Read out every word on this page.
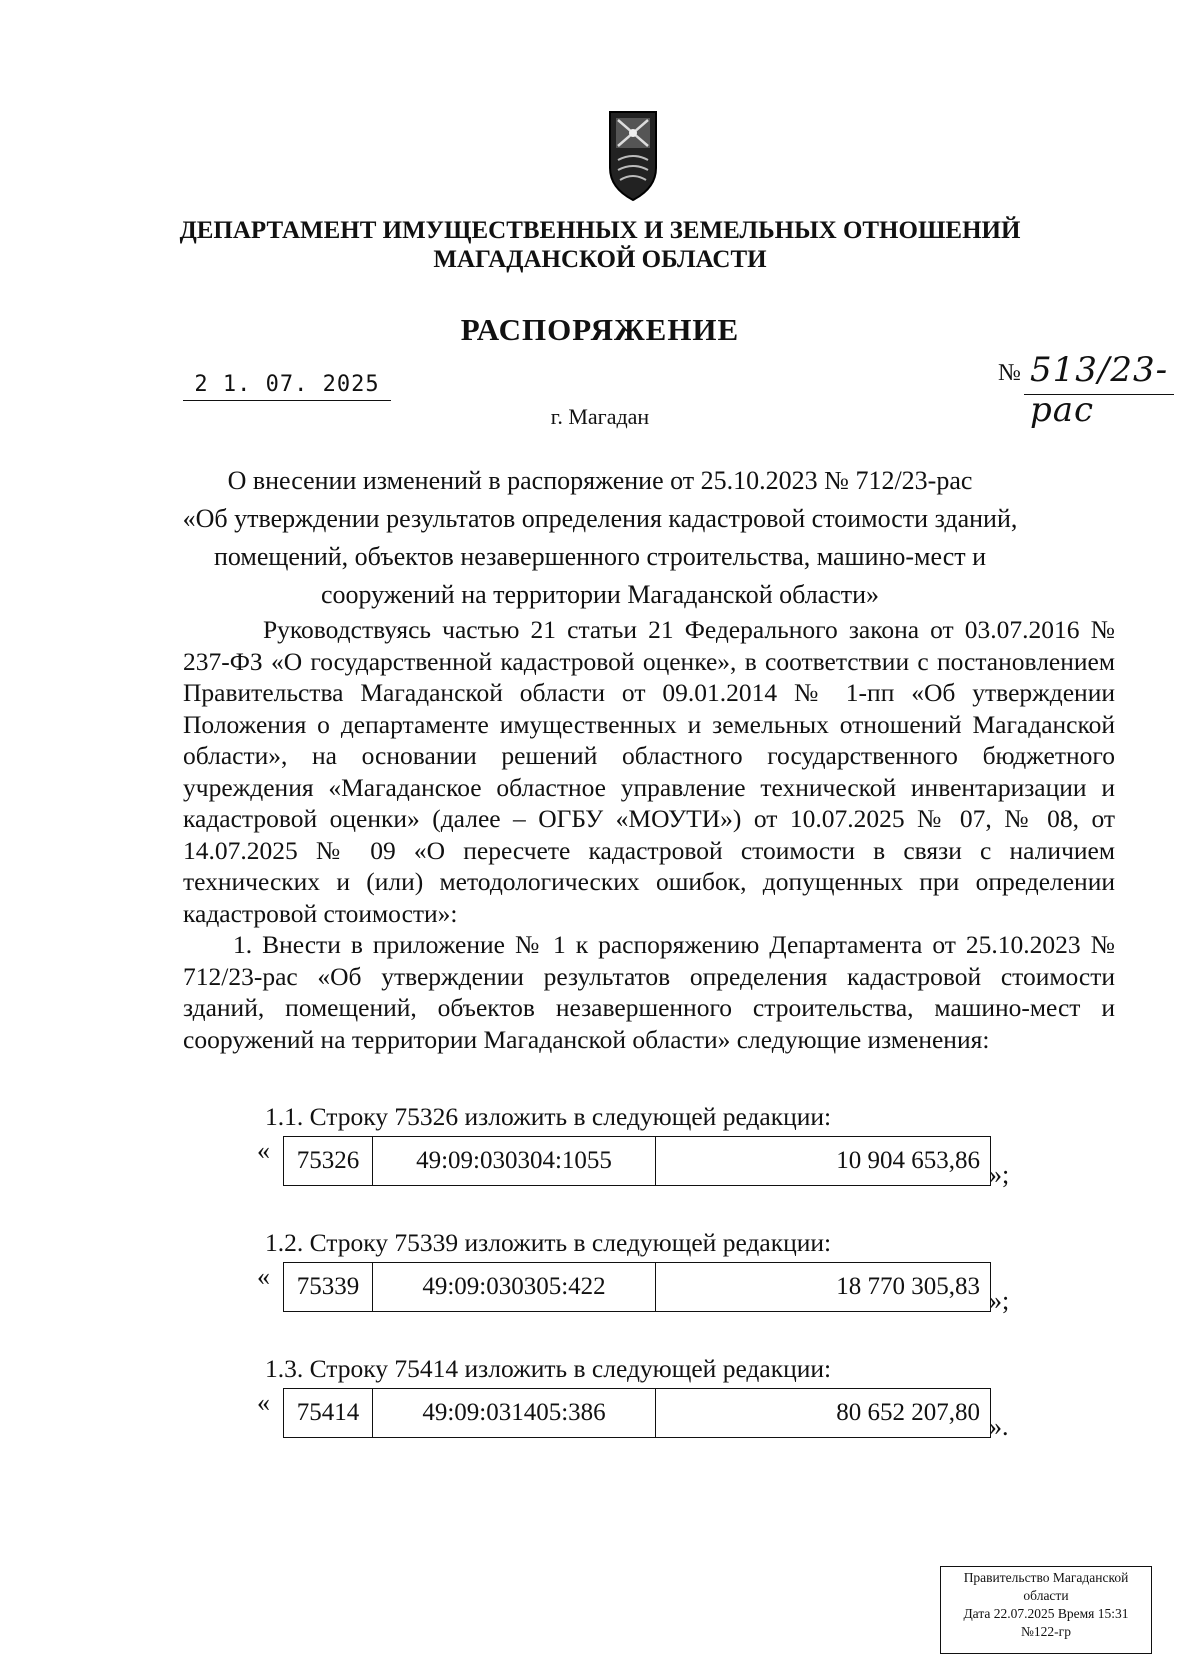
ДЕПАРТАМЕНТ ИМУЩЕСТВЕННЫХ И ЗЕМЕЛЬНЫХ ОТНОШЕНИЙ
МАГАДАНСКОЙ ОБЛАСТИ
РАСПОРЯЖЕНИЕ
2 1. 07. 2025	№ 513/23-рас
г. Магадан
О внесении изменений в распоряжение от 25.10.2023 № 712/23-рас
«Об утверждении результатов определения кадастровой стоимости зданий,
помещений, объектов незавершенного строительства, машино-мест и
сооружений на территории Магаданской области»

Руководствуясь частью 21 статьи 21 Федерального закона от 03.07.2016 № 237-ФЗ «О государственной кадастровой оценке», в соответствии с постановлением Правительства Магаданской области от 09.01.2014 № 1-пп «Об утверждении Положения о департаменте имущественных и земельных отношений Магаданской области», на основании решений областного государственного бюджетного учреждения «Магаданское областное управление технической инвентаризации и кадастровой оценки» (далее – ОГБУ «МОУТИ») от 10.07.2025 № 07, № 08, от 14.07.2025 № 09 «О пересчете кадастровой стоимости в связи с наличием технических и (или) методологических ошибок, допущенных при определении кадастровой стоимости»:

1. Внести в приложение № 1 к распоряжению Департамента от 25.10.2023 № 712/23-рас «Об утверждении результатов определения кадастровой стоимости зданий, помещений, объектов незавершенного строительства, машино-мест и сооружений на территории Магаданской области» следующие изменения:

1.1. Строку 75326 изложить в следующей редакции:
« 75326	49:09:030304:1055	10 904 653,86 »;
1.2. Строку 75339 изложить в следующей редакции:
« 75339	49:09:030305:422	18 770 305,83 »;
1.3. Строку 75414 изложить в следующей редакции:
« 75414	49:09:031405:386	80 652 207,80 ».
Правительство Магаданской
области
Дата 22.07.2025 Время 15:31
№122-гр
